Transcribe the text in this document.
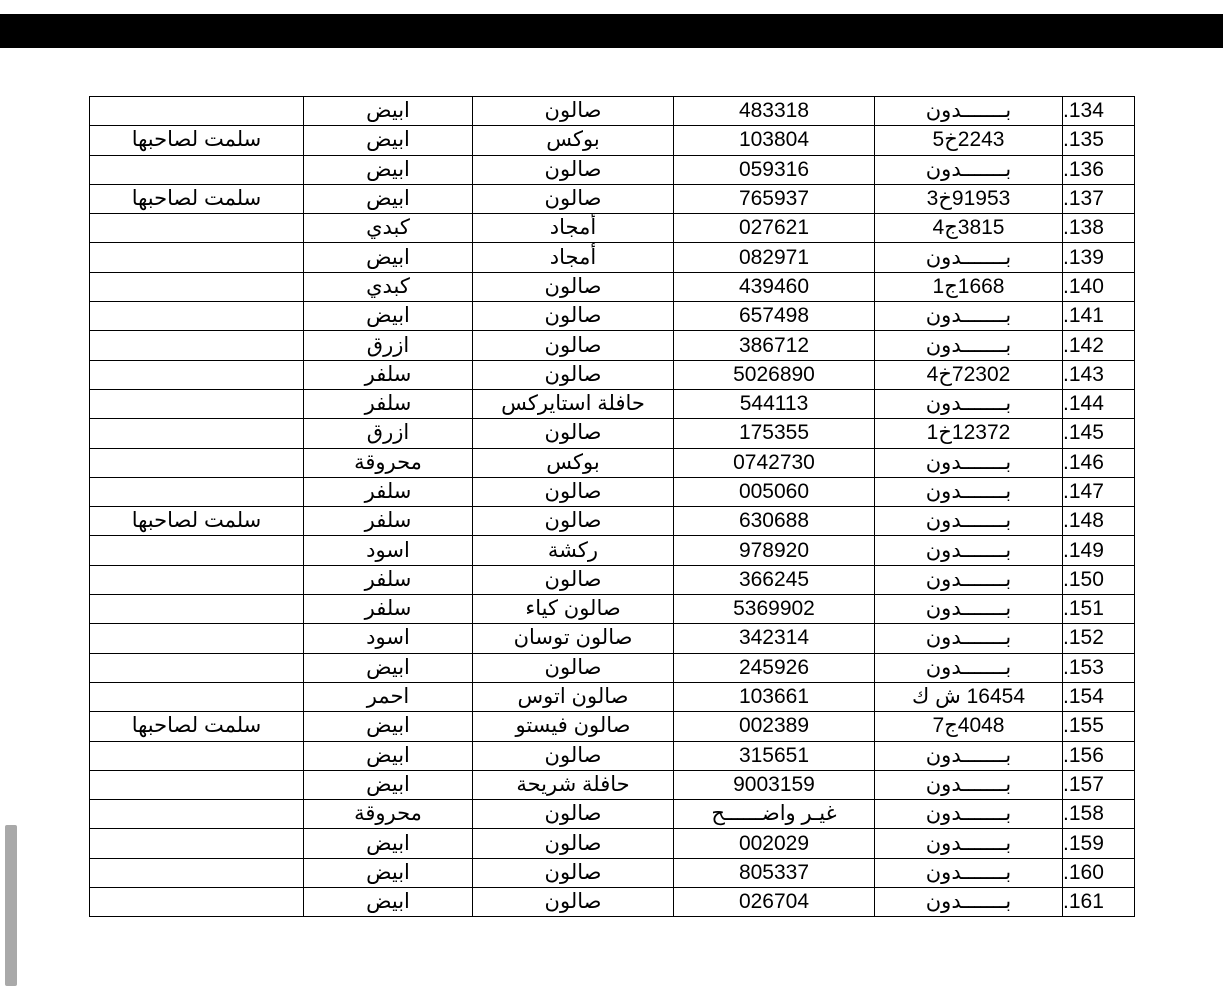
.134	بـــــــدون	483318	صالون	ابيض	
.135	2243خ5	103804	بوكس	ابيض	سلمت لصاحبها
.136	بـــــــدون	059316	صالون	ابيض	
.137	91953خ3	765937	صالون	ابيض	سلمت لصاحبها
.138	3815ج4	027621	أمجاد	كبدي	
.139	بـــــــدون	082971	أمجاد	ابيض	
.140	1668ج1	439460	صالون	كبدي	
.141	بـــــــدون	657498	صالون	ابيض	
.142	بـــــــدون	386712	صالون	ازرق	
.143	72302خ4	5026890	صالون	سلفر	
.144	بـــــــدون	544113	حافلة استايركس	سلفر	
.145	12372خ1	175355	صالون	ازرق	
.146	بـــــــدون	0742730	بوكس	محروقة	
.147	بـــــــدون	005060	صالون	سلفر	
.148	بـــــــدون	630688	صالون	سلفر	سلمت لصاحبها
.149	بـــــــدون	978920	ركشة	اسود	
.150	بـــــــدون	366245	صالون	سلفر	
.151	بـــــــدون	5369902	صالون كياء	سلفر	
.152	بـــــــدون	342314	صالون توسان	اسود	
.153	بـــــــدون	245926	صالون	ابيض	
.154	16454 ش ك	103661	صالون اتوس	احمر	
.155	4048ج7	002389	صالون فيستو	ابيض	سلمت لصاحبها
.156	بـــــــدون	315651	صالون	ابيض	
.157	بـــــــدون	9003159	حافلة شريحة	ابيض	
.158	بـــــــدون	غيـر واضــــــح	صالون	محروقة	
.159	بـــــــدون	002029	صالون	ابيض	
.160	بـــــــدون	805337	صالون	ابيض	
.161	بـــــــدون	026704	صالون	ابيض	
